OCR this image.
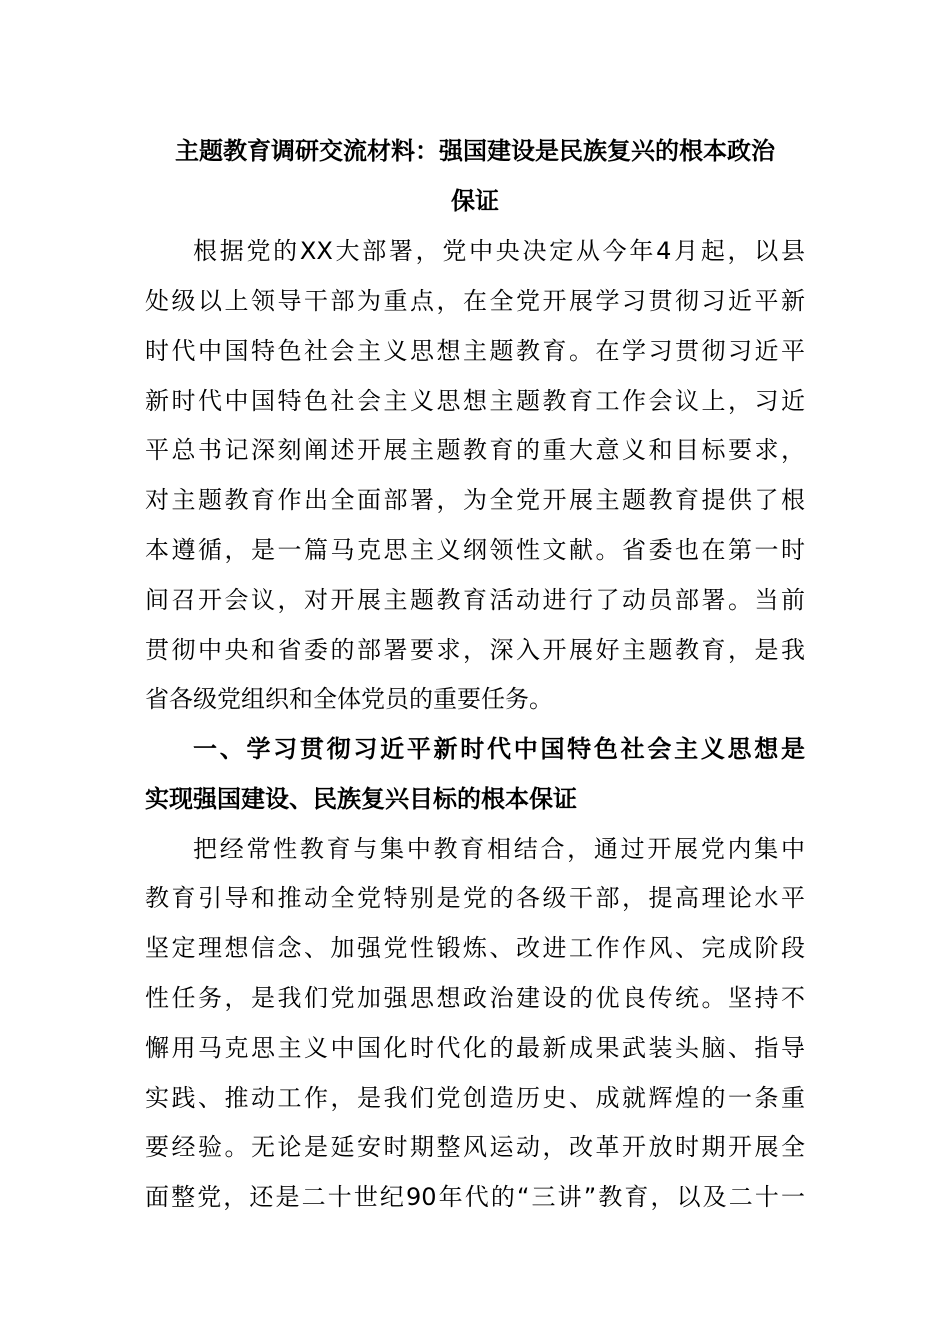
主题教育调研交流材料：强国建设是民族复兴的根本政治
保证
根据党的XX大部署，党中央决定从今年4月起，以县
处级以上领导干部为重点，在全党开展学习贯彻习近平新
时代中国特色社会主义思想主题教育。在学习贯彻习近平
新时代中国特色社会主义思想主题教育工作会议上，习近
平总书记深刻阐述开展主题教育的重大意义和目标要求，
对主题教育作出全面部署，为全党开展主题教育提供了根
本遵循，是一篇马克思主义纲领性文献。省委也在第一时
间召开会议，对开展主题教育活动进行了动员部署。当前
贯彻中央和省委的部署要求，深入开展好主题教育，是我
省各级党组织和全体党员的重要任务。
一、学习贯彻习近平新时代中国特色社会主义思想是
实现强国建设、民族复兴目标的根本保证
把经常性教育与集中教育相结合，通过开展党内集中
教育引导和推动全党特别是党的各级干部，提高理论水平
坚定理想信念、加强党性锻炼、改进工作作风、完成阶段
性任务，是我们党加强思想政治建设的优良传统。坚持不
懈用马克思主义中国化时代化的最新成果武装头脑、指导
实践、推动工作，是我们党创造历史、成就辉煌的一条重
要经验。无论是延安时期整风运动，改革开放时期开展全
面整党，还是二十世纪90年代的“三讲”教育，以及二十一
